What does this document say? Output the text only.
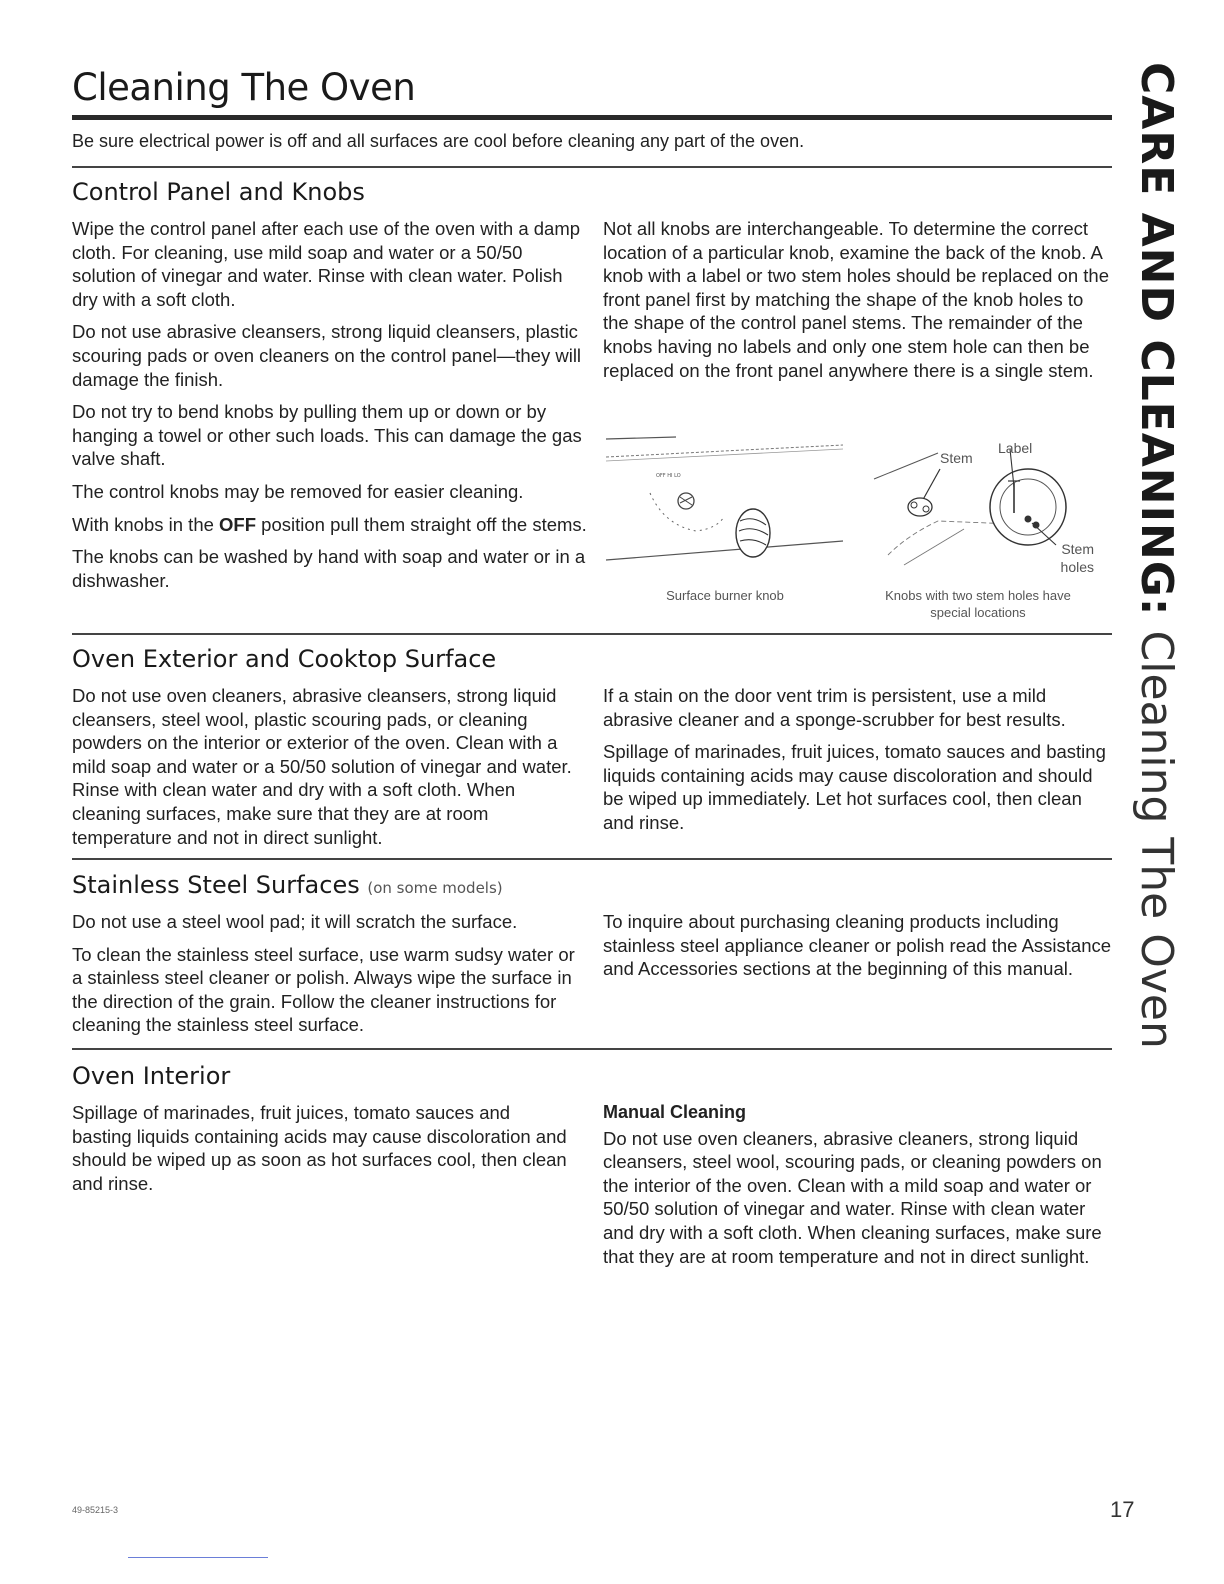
Cleaning The Oven

Be sure electrical power is off and all surfaces are cool before cleaning any part of the oven.	CARE AND CLEANING: Cleaning The Oven
Control Panel and Knobs

Wipe the control panel after each use of the oven with a damp cloth. For cleaning, use mild soap and water or a 50/50 solution of vinegar and water. Rinse with clean water. Polish dry with a soft cloth.

Do not use abrasive cleansers, strong liquid cleansers, plastic scouring pads or oven cleaners on the control panel—they will damage the finish.

Do not try to bend knobs by pulling them up or down or by hanging a towel or other such loads. This can damage the gas valve shaft.

The control knobs may be removed for easier cleaning.

With knobs in the OFF position pull them straight off the stems.

The knobs can be washed by hand with soap and water or in a dishwasher.

Not all knobs are interchangeable. To determine the correct location of a particular knob, examine the back of the knob. A knob with a label or two stem holes should be replaced on the front panel first by matching the shape of the knob holes to the shape of the control panel stems. The remainder of the knobs having no labels and only one stem hole can then be replaced on the front panel anywhere there is a single stem.

OFF HI LO
Stem
Label
Stem holes
Surface burner knob	Knobs with two stem holes have special locations
Oven Exterior and Cooktop Surface

Do not use oven cleaners, abrasive cleansers, strong liquid cleansers, steel wool, plastic scouring pads, or cleaning powders on the interior or exterior of the oven. Clean with a mild soap and water or a 50/50 solution of vinegar and water. Rinse with clean water and dry with a soft cloth. When cleaning surfaces, make sure that they are at room temperature and not in direct sunlight.

If a stain on the door vent trim is persistent, use a mild abrasive cleaner and a sponge-scrubber for best results.

Spillage of marinades, fruit juices, tomato sauces and basting liquids containing acids may cause discoloration and should be wiped up immediately. Let hot surfaces cool, then clean and rinse.

Stainless Steel Surfaces (on some models)

Do not use a steel wool pad; it will scratch the surface.

To clean the stainless steel surface, use warm sudsy water or a stainless steel cleaner or polish. Always wipe the surface in the direction of the grain. Follow the cleaner instructions for cleaning the stainless steel surface.

To inquire about purchasing cleaning products including stainless steel appliance cleaner or polish read the Assistance and Accessories sections at the beginning of this manual.

Oven Interior

Spillage of marinades, fruit juices, tomato sauces and basting liquids containing acids may cause discoloration and should be wiped up as soon as hot surfaces cool, then clean and rinse.

Manual Cleaning

Do not use oven cleaners, abrasive cleaners, strong liquid cleansers, steel wool, scouring pads, or cleaning powders on the interior of the oven. Clean with a mild soap and water or 50/50 solution of vinegar and water. Rinse with clean water and dry with a soft cloth. When cleaning surfaces, make sure that they are at room temperature and not in direct sunlight.

49-85215-3	17
